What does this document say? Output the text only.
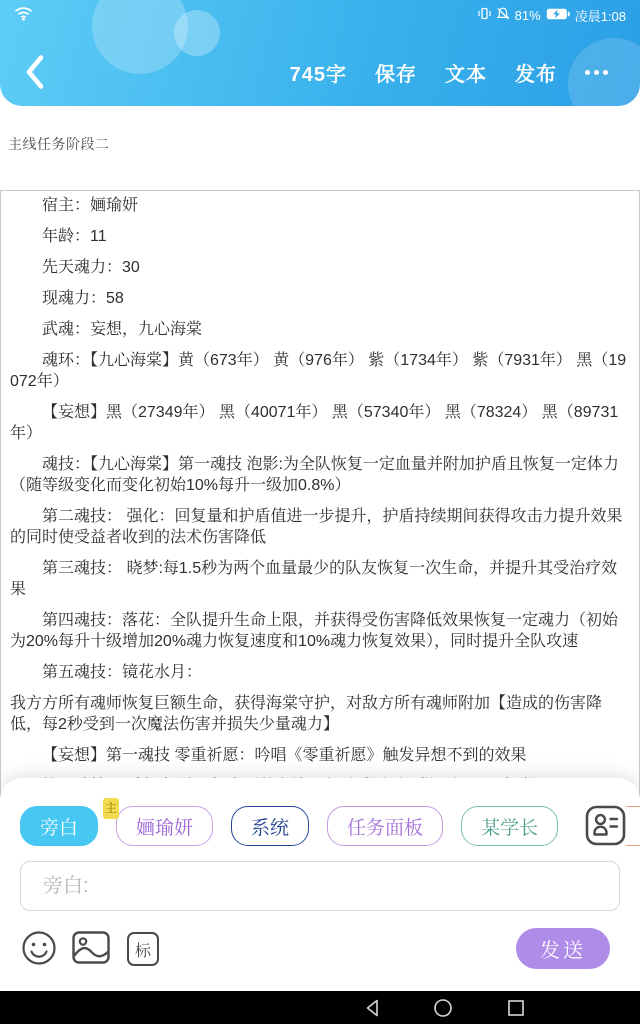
81%	凌晨1:08
745字 保存 文本 发布
主线任务阶段二

宿主：婳瑜妍

年龄：11

先天魂力：30

现魂力：58

武魂：妄想，九心海棠

魂环：【九心海棠】黄（673年） 黄（976年） 紫（1734年） 紫（7931年） 黑（19072年）

【妄想】黑（27349年） 黑（40071年） 黑（57340年） 黑（78324） 黑（89731年）

魂技：【九心海棠】第一魂技 泡影:为全队恢复一定血量并附加护盾且恢复一定体力（随等级变化而变化初始10%每升一级加0.8%）

第二魂技： 强化：回复量和护盾值进一步提升，护盾持续期间获得攻击力提升效果的同时使受益者收到的法术伤害降低

第三魂技： 晓梦:每1.5秒为两个血量最少的队友恢复一次生命，并提升其受治疗效果

第四魂技：落花：全队提升生命上限，并获得受伤害降低效果恢复一定魂力（初始为20%每升十级增加20%魂力恢复速度和10%魂力恢复效果），同时提升全队攻速

第五魂技：镜花水月：

我方方所有魂师恢复巨额生命，获得海棠守护，对敌方所有魂师附加【造成的伤害降低，每2秒受到一次魔法伤害并损失少量魂力】

【妄想】第一魂技 零重祈愿：吟唱《零重祈愿》触发异想不到的效果

旁白	婳瑜妍
主
系统	任务面板	某学长
旁白:
标	发送
